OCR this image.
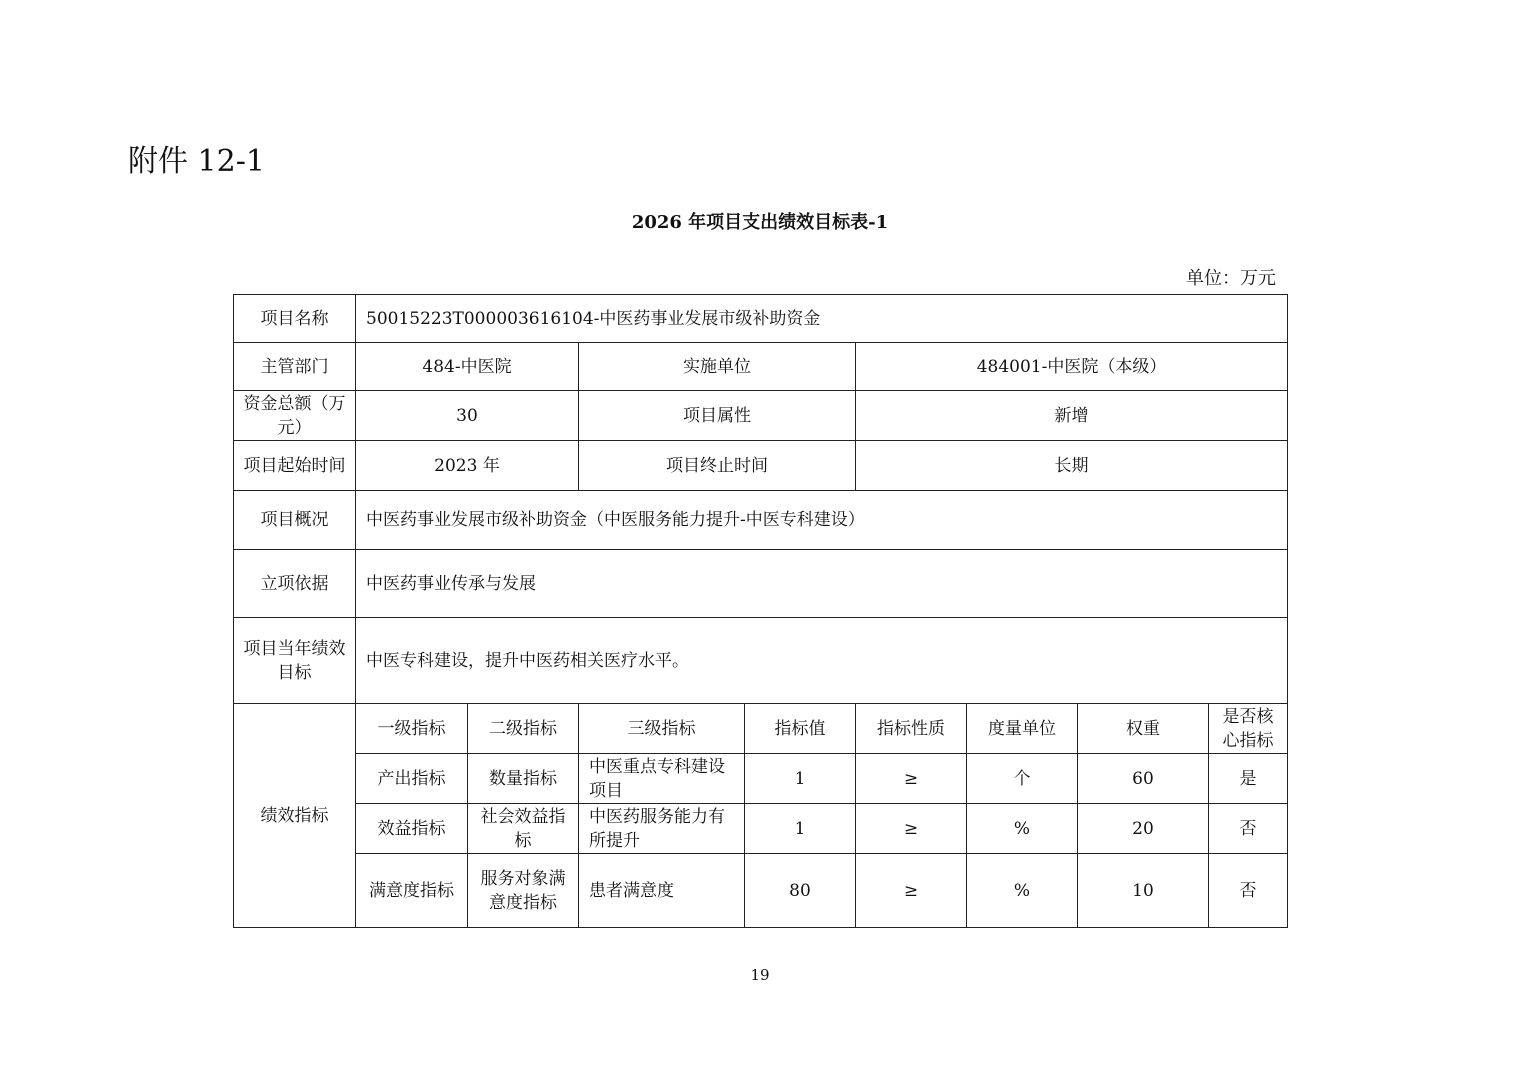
附件 12-1
2026 年项目支出绩效目标表-1
单位：万元
项目名称	50015223T000003616104-中医药事业发展市级补助资金							
主管部门	484-中医院		实施单位		484001-中医院（本级）			
资金总额（万元）	30		项目属性		新增			
项目起始时间	2023 年		项目终止时间		长期			
项目概况	中医药事业发展市级补助资金（中医服务能力提升-中医专科建设）							
立项依据	中医药事业传承与发展							
项目当年绩效目标	中医专科建设，提升中医药相关医疗水平。							
绩效指标	一级指标	二级指标	三级指标	指标值	指标性质	度量单位	权重	是否核心指标
	产出指标	数量指标	中医重点专科建设项目	1	≥	个	60	是
	效益指标	社会效益指标	中医药服务能力有所提升	1	≥	%	20	否
	满意度指标	服务对象满意度指标	患者满意度	80	≥	%	10	否
19
